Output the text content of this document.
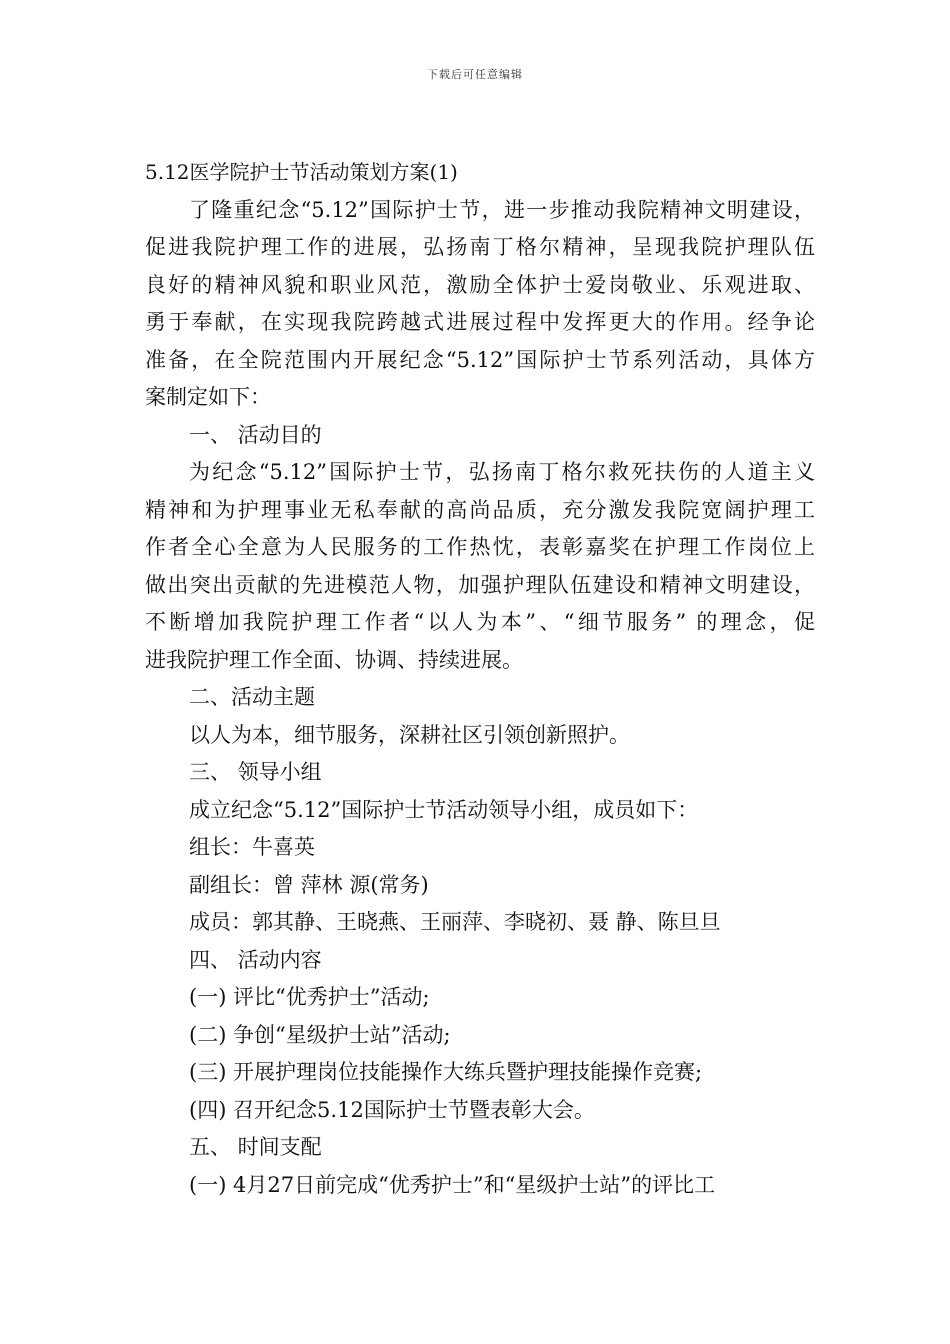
下载后可任意编辑
5.12医学院护士节活动策划方案(1)
了隆重纪念“5.12”国际护士节，进一步推动我院精神文明建设，
促进我院护理工作的进展，弘扬南丁格尔精神，呈现我院护理队伍
良好的精神风貌和职业风范，激励全体护士爱岗敬业、乐观进取、
勇于奉献，在实现我院跨越式进展过程中发挥更大的作用。经争论
准备，在全院范围内开展纪念“5.12”国际护士节系列活动，具体方
案制定如下：
一、 活动目的
为纪念“5.12”国际护士节，弘扬南丁格尔救死扶伤的人道主义
精神和为护理事业无私奉献的高尚品质，充分激发我院宽阔护理工
作者全心全意为人民服务的工作热忱，表彰嘉奖在护理工作岗位上
做出突出贡献的先进模范人物，加强护理队伍建设和精神文明建设，
不断增加我院护理工作者“以人为本”、“细节服务” 的理念，促
进我院护理工作全面、协调、持续进展。
二、活动主题
以人为本，细节服务，深耕社区引领创新照护。
三、 领导小组
成立纪念“5.12”国际护士节活动领导小组，成员如下：
组长：牛喜英
副组长：曾 萍林 源(常务)
成员：郭其静、王晓燕、王丽萍、李晓初、聂 静、陈旦旦
四、 活动内容
(一) 评比“优秀护士”活动;
(二) 争创“星级护士站”活动;
(三) 开展护理岗位技能操作大练兵暨护理技能操作竞赛;
(四) 召开纪念5.12国际护士节暨表彰大会。
五、 时间支配
(一) 4月27日前完成“优秀护士”和“星级护士站”的评比工
